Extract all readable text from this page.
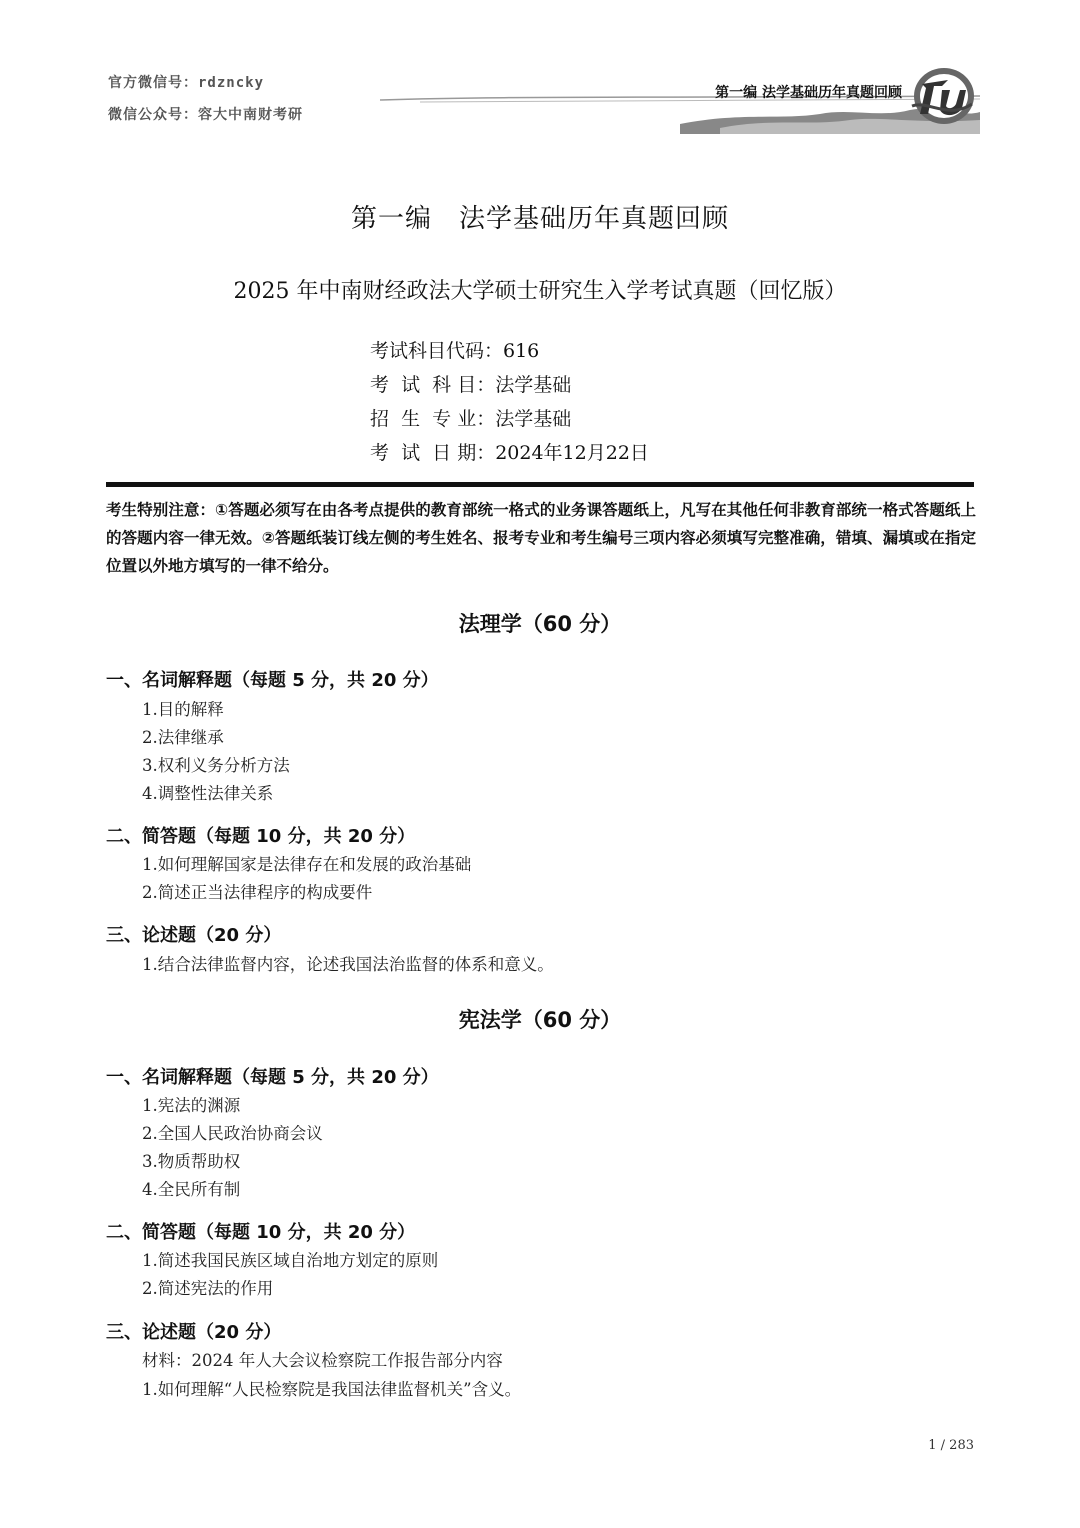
官方微信号：rdzncky
微信公众号：容大中南财考研
第一编 法学基础历年真题回顾
第一编　法学基础历年真题回顾
2025 年中南财经政法大学硕士研究生入学考试真题（回忆版）
考试科目代码：616
考  试  科 目：法学基础
招  生  专 业：法学基础
考  试  日 期：2024年12月22日
考生特别注意：①答题必须写在由各考点提供的教育部统一格式的业务课答题纸上，凡写在其他任何非教育部统一格式答题纸上的答题内容一律无效。②答题纸装订线左侧的考生姓名、报考专业和考生编号三项内容必须填写完整准确，错填、漏填或在指定位置以外地方填写的一律不给分。
法理学（60 分）
一、名词解释题（每题 5 分，共 20 分）
1.目的解释
2.法律继承
3.权利义务分析方法
4.调整性法律关系
二、简答题（每题 10 分，共 20 分）
1.如何理解国家是法律存在和发展的政治基础
2.简述正当法律程序的构成要件
三、论述题（20 分）
1.结合法律监督内容，论述我国法治监督的体系和意义。
宪法学（60 分）
一、名词解释题（每题 5 分，共 20 分）
1.宪法的渊源
2.全国人民政治协商会议
3.物质帮助权
4.全民所有制
二、简答题（每题 10 分，共 20 分）
1.简述我国民族区域自治地方划定的原则
2.简述宪法的作用
三、论述题（20 分）
材料：2024 年人大会议检察院工作报告部分内容
1.如何理解“人民检察院是我国法律监督机关”含义。
1 / 283
